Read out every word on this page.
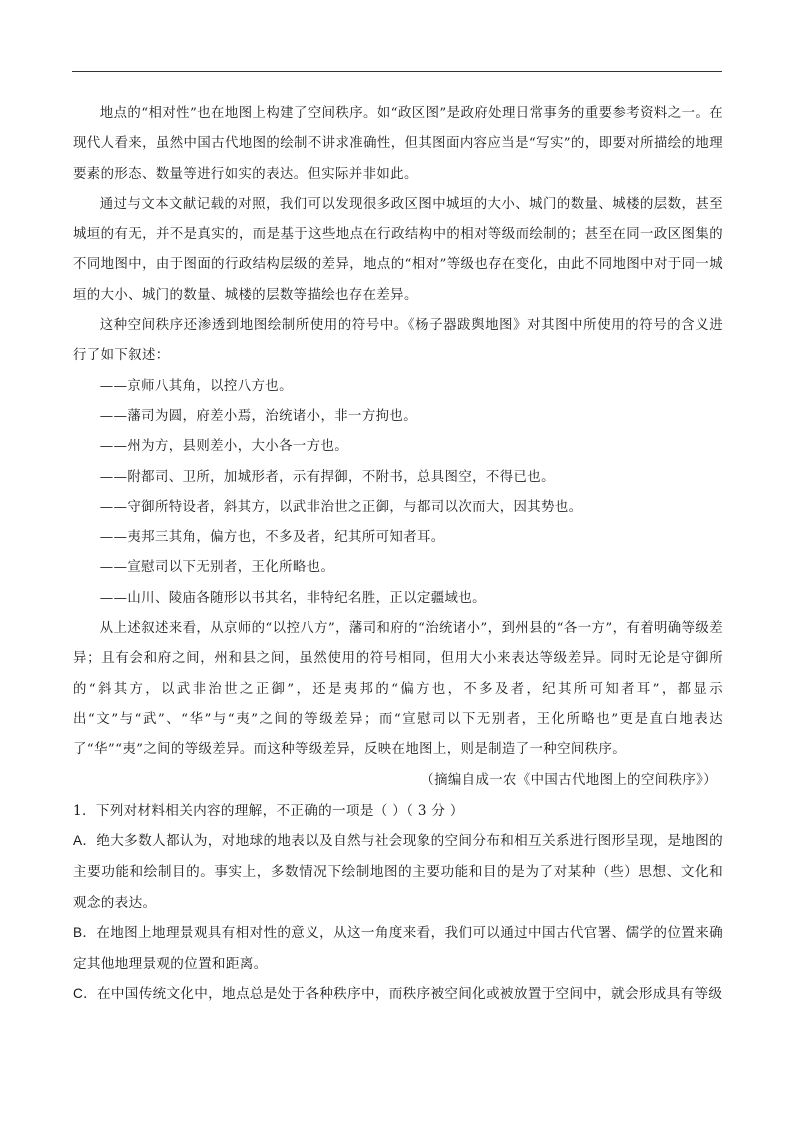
地点的“相对性”也在地图上构建了空间秩序。如“政区图”是政府处理日常事务的重要参考资料之一。在现代人看来，虽然中国古代地图的绘制不讲求准确性，但其图面内容应当是“写实”的，即要对所描绘的地理要素的形态、数量等进行如实的表达。但实际并非如此。

通过与文本文献记载的对照，我们可以发现很多政区图中城垣的大小、城门的数量、城楼的层数，甚至城垣的有无，并不是真实的，而是基于这些地点在行政结构中的相对等级而绘制的；甚至在同一政区图集的不同地图中，由于图面的行政结构层级的差异，地点的“相对”等级也存在变化，由此不同地图中对于同一城垣的大小、城门的数量、城楼的层数等描绘也存在差异。

这种空间秩序还渗透到地图绘制所使用的符号中。《杨子器跋舆地图》对其图中所使用的符号的含义进行了如下叙述：

——京师八其角，以控八方也。
——藩司为圆，府差小焉，治统诸小，非一方拘也。
——州为方，县则差小，大小各一方也。
——附都司、卫所，加城形者，示有捍御，不附书，总具图空，不得已也。
——守御所特设者，斜其方，以武非治世之正御，与都司以次而大，因其势也。
——夷邦三其角，偏方也，不多及者，纪其所可知者耳。
——宣慰司以下无别者，王化所略也。
——山川、陵庙各随形以书其名，非特纪名胜，正以定疆域也。

从上述叙述来看，从京师的“以控八方”，藩司和府的“治统诸小”，到州县的“各一方”，有着明确等级差异；且有会和府之间，州和县之间，虽然使用的符号相同，但用大小来表达等级差异。同时无论是守御所的“斜其方，以武非治世之正御”，还是夷邦的“偏方也，不多及者，纪其所可知者耳”，都显示出“文”与“武”、“华”与“夷”之间的等级差异；而“宣慰司以下无别者，王化所略也”更是直白地表达了“华”“夷”之间的等级差异。而这种等级差异，反映在地图上，则是制造了一种空间秩序。

（摘编自成一农《中国古代地图上的空间秩序》）

1．下列对材料相关内容的理解，不正确的一项是（ ）（ 3 分 ）

A．绝大多数人都认为，对地球的地表以及自然与社会现象的空间分布和相互关系进行图形呈现，是地图的主要功能和绘制目的。事实上，多数情况下绘制地图的主要功能和目的是为了对某种（些）思想、文化和观念的表达。

B．在地图上地理景观具有相对性的意义，从这一角度来看，我们可以通过中国古代官署、儒学的位置来确定其他地理景观的位置和距离。

C．在中国传统文化中，地点总是处于各种秩序中，而秩序被空间化或被放置于空间中，就会形成具有等级
